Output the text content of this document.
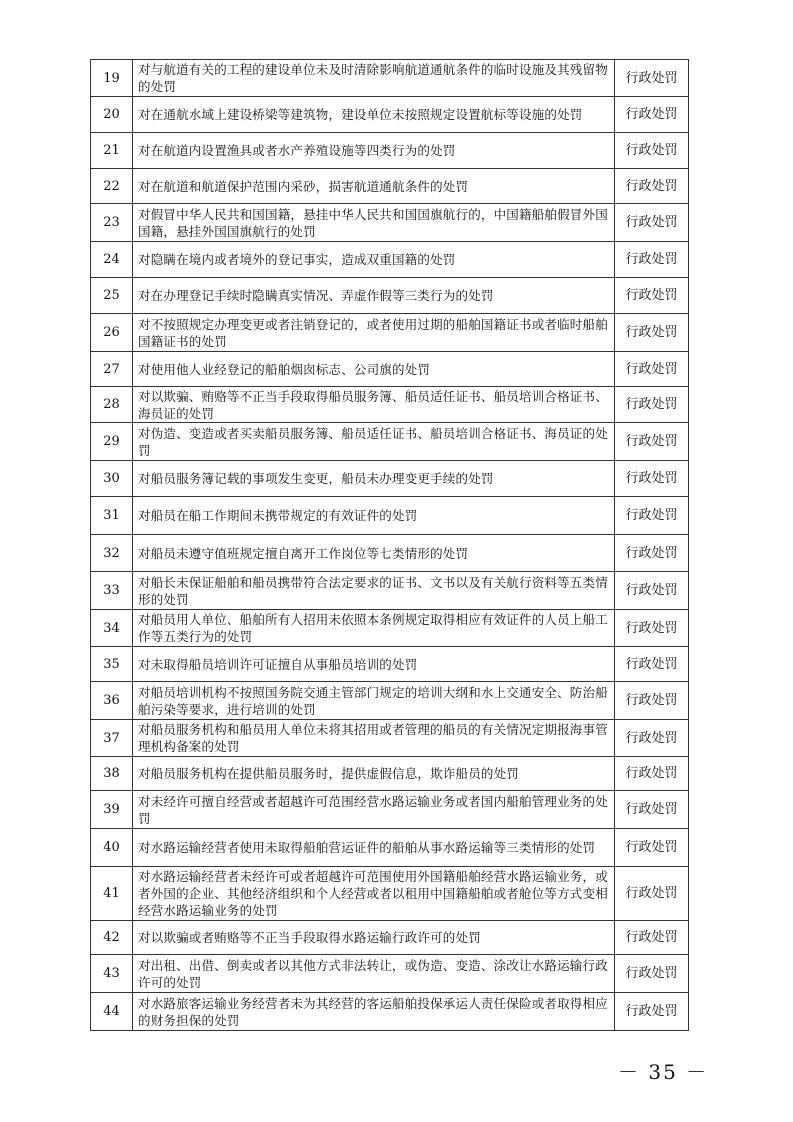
19	对与航道有关的工程的建设单位未及时清除影响航道通航条件的临时设施及其残留物的处罚	行政处罚
20	对在通航水域上建设桥梁等建筑物，建设单位未按照规定设置航标等设施的处罚	行政处罚
21	对在航道内设置渔具或者水产养殖设施等四类行为的处罚	行政处罚
22	对在航道和航道保护范围内采砂，损害航道通航条件的处罚	行政处罚
23	对假冒中华人民共和国国籍，悬挂中华人民共和国国旗航行的，中国籍船舶假冒外国国籍，悬挂外国国旗航行的处罚	行政处罚
24	对隐瞒在境内或者境外的登记事实，造成双重国籍的处罚	行政处罚
25	对在办理登记手续时隐瞒真实情况、弄虚作假等三类行为的处罚	行政处罚
26	对不按照规定办理变更或者注销登记的，或者使用过期的船舶国籍证书或者临时船舶国籍证书的处罚	行政处罚
27	对使用他人业经登记的船舶烟囱标志、公司旗的处罚	行政处罚
28	对以欺骗、贿赂等不正当手段取得船员服务簿、船员适任证书、船员培训合格证书、海员证的处罚	行政处罚
29	对伪造、变造或者买卖船员服务簿、船员适任证书、船员培训合格证书、海员证的处罚	行政处罚
30	对船员服务簿记载的事项发生变更，船员未办理变更手续的处罚	行政处罚
31	对船员在船工作期间未携带规定的有效证件的处罚	行政处罚
32	对船员未遵守值班规定擅自离开工作岗位等七类情形的处罚	行政处罚
33	对船长未保证船舶和船员携带符合法定要求的证书、文书以及有关航行资料等五类情形的处罚	行政处罚
34	对船员用人单位、船舶所有人招用未依照本条例规定取得相应有效证件的人员上船工作等五类行为的处罚	行政处罚
35	对未取得船员培训许可证擅自从事船员培训的处罚	行政处罚
36	对船员培训机构不按照国务院交通主管部门规定的培训大纲和水上交通安全、防治船舶污染等要求，进行培训的处罚	行政处罚
37	对船员服务机构和船员用人单位未将其招用或者管理的船员的有关情况定期报海事管理机构备案的处罚	行政处罚
38	对船员服务机构在提供船员服务时，提供虚假信息，欺诈船员的处罚	行政处罚
39	对未经许可擅自经营或者超越许可范围经营水路运输业务或者国内船舶管理业务的处罚	行政处罚
40	对水路运输经营者使用未取得船舶营运证件的船舶从事水路运输等三类情形的处罚	行政处罚
41	对水路运输经营者未经许可或者超越许可范围使用外国籍船舶经营水路运输业务，或者外国的企业、其他经济组织和个人经营或者以租用中国籍船舶或者舱位等方式变相经营水路运输业务的处罚	行政处罚
42	对以欺骗或者贿赂等不正当手段取得水路运输行政许可的处罚	行政处罚
43	对出租、出借、倒卖或者以其他方式非法转让，或伪造、变造、涂改让水路运输行政许可的处罚	行政处罚
44	对水路旅客运输业务经营者未为其经营的客运船舶投保承运人责任保险或者取得相应的财务担保的处罚	行政处罚
－ 35 －
